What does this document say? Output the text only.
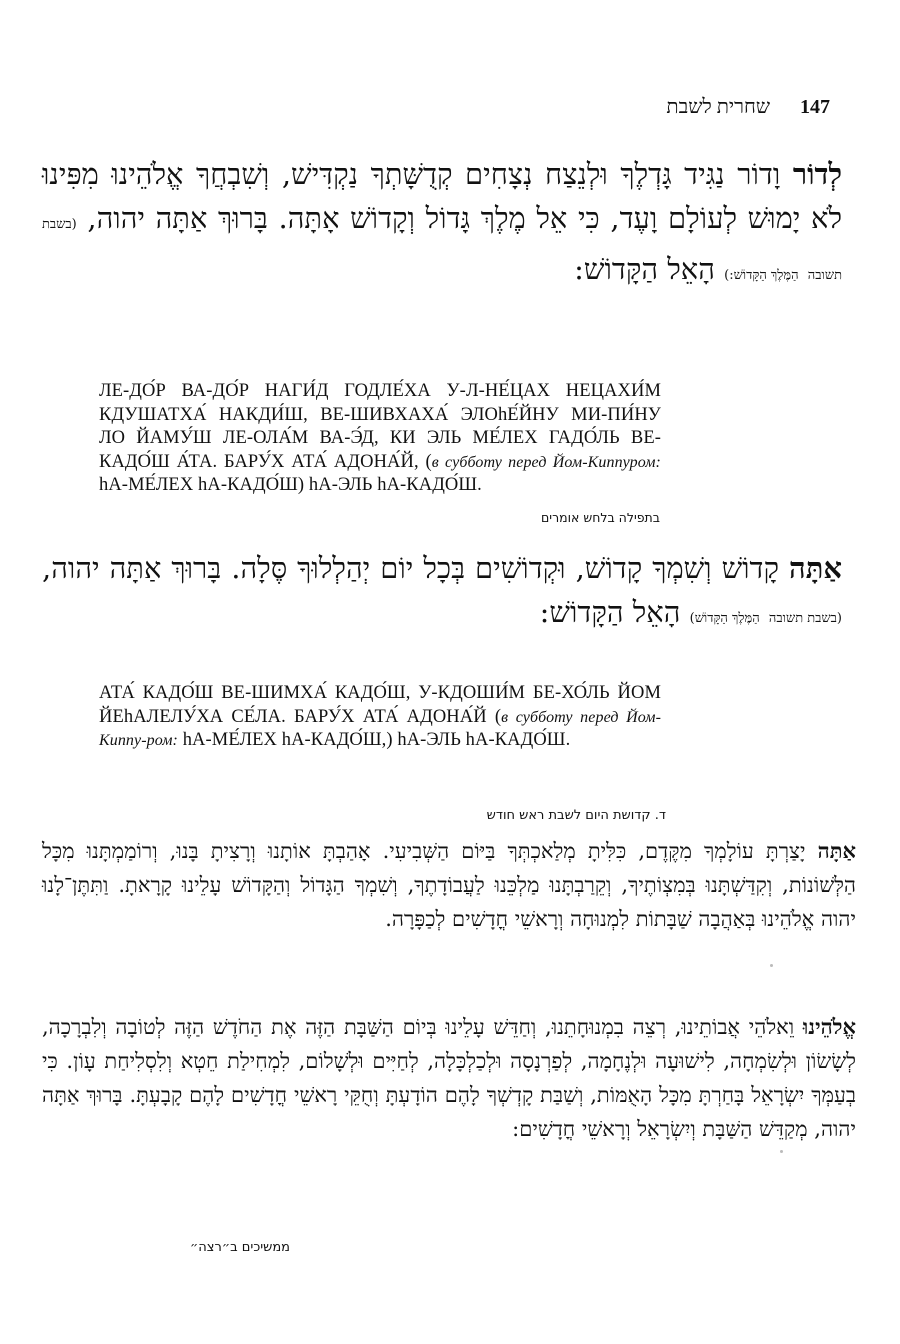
שחרית לשבת 147
לְדוֹר וָדוֹר נַגִּיד גָּדְלֶךָ וּלְנֵצַח נְצָחִים קְדֻשָּׁתְךָ נַקְדִּישׁ, וְשִׁבְחֲךָ אֱלֹהֵינוּ מִפִּינוּ לֹא יָמוּשׁ לְעוֹלָם וָעֶד, כִּי אֵל מֶלֶךְ גָּדוֹל וְקָדוֹשׁ אָתָּה. בָּרוּךְ אַתָּה יהוה, (בשבת תשובה הַמֶּלֶךְ הַקָּדוֹשׁ:) הָאֵל הַקָּדוֹשׁ:
ЛЕ-ДО́Р ВА-ДО́Р НАГИ́Д ГОДЛЕ́ХА У-Л-НЕ́ЦАХ НЕЦАХИ́М КДУШАТХА́ НАКДИ́Ш, ВЕ-ШИВХАХА́ ЭЛОhЕ́ЙНУ МИ-ПИ́НУ ЛО ЙАМУ́Ш ЛЕ-ОЛА́М ВА-Э́Д, КИ ЭЛЬ МЕ́ЛЕХ ГАДО́ЛЬ ВЕ-КАДО́Ш А́ТА. БАРУ́Х АТА́ АДОНА́Й, (в субботу перед Йом-Киппуром: hА-МЕ́ЛЕХ hА-КАДО́Ш) hА-ЭЛЬ hА-КАДО́Ш.
בתפילה בלחש אומרים
אַתָּה קָדוֹשׁ וְשִׁמְךָ קָדוֹשׁ, וּקְדוֹשִׁים בְּכָל יוֹם יְהַלְלוּךָ סֶּלָה. בָּרוּךְ אַתָּה יהוה, (בשבת תשובה הַמֶּלֶךְ הַקָּדוֹשׁ) הָאֵל הַקָּדוֹשׁ:
АТА́ КАДО́Ш ВЕ-ШИМХА́ КАДО́Ш, У-КДОШИ́М БЕ-ХО́ЛЬ ЙОМ ЙЕhАЛЕЛУ́ХА СЕ́ЛА. БАРУ́Х АТА́ АДОНА́Й (в субботу перед Йом-Киппу-ром: hА-МЕ́ЛЕХ hА-КАДО́Ш,) hА-ЭЛЬ hА-КАДО́Ш.
ד. קדושת היום לשבת ראש חודש
אַתָּה יָצַרְתָּ עוֹלָמְךָ מִקֶּדֶם, כִּלִּיתָ מְלַאכְתְּךָ בַּיּוֹם הַשְּׁבִיעִי. אָהַבְתָּ אוֹתָנוּ וְרָצִיתָ בָּנוּ, וְרוֹמַמְתָּנוּ מִכָּל הַלְּשׁוֹנוֹת, וְקִדַּשְׁתָּנוּ בְּמִצְוֹתֶיךָ, וְקֵרַבְתָּנוּ מַלְכֵּנוּ לַעֲבוֹדָתֶךָ, וְשִׁמְךָ הַגָּדוֹל וְהַקָּדוֹשׁ עָלֵינוּ קָרָאתָ. וַתִּתֶּן־לָנוּ יהוה אֱלֹהֵינוּ בְּאַהֲבָה שַׁבָּתוֹת לִמְנוּחָה וְרָאשֵׁי חֳדָשִׁים לְכַפָּרָה.
אֱלֹהֵינוּ וֵאלֹהֵי אֲבוֹתֵינוּ, רְצֵה בִמְנוּחָתֵנוּ, וְחַדֵּשׁ עָלֵינוּ בְּיוֹם הַשַּׁבָּת הַזֶּה אֶת הַחֹדֶשׁ הַזֶּה לְטוֹבָה וְלִבְרָכָה, לְשָׂשׂוֹן וּלְשִׂמְחָה, לִישׁוּעָה וּלְנֶחָמָה, לְפַרְנָסָה וּלְכַלְכָּלָה, לְחַיִּים וּלְשָׁלוֹם, לִמְחִילַת חֵטְא וְלִסְלִיחַת עָוֹן. כִּי בְעַמְּךָ יִשְׂרָאֵל בָּחַרְתָּ מִכָּל הָאֻמּוֹת, וְשַׁבַּת קָדְשְׁךָ לָהֶם הוֹדָעְתָּ וְחֻקֵּי רָאשֵׁי חֳדָשִׁים לָהֶם קָבָעְתָּ. בָּרוּךְ אַתָּה יהוה, מְקַדֵּשׁ הַשַּׁבָּת וְיִשְׂרָאֵל וְרָאשֵׁי חֳדָשִׁים:
ממשיכים ב״רצה״
